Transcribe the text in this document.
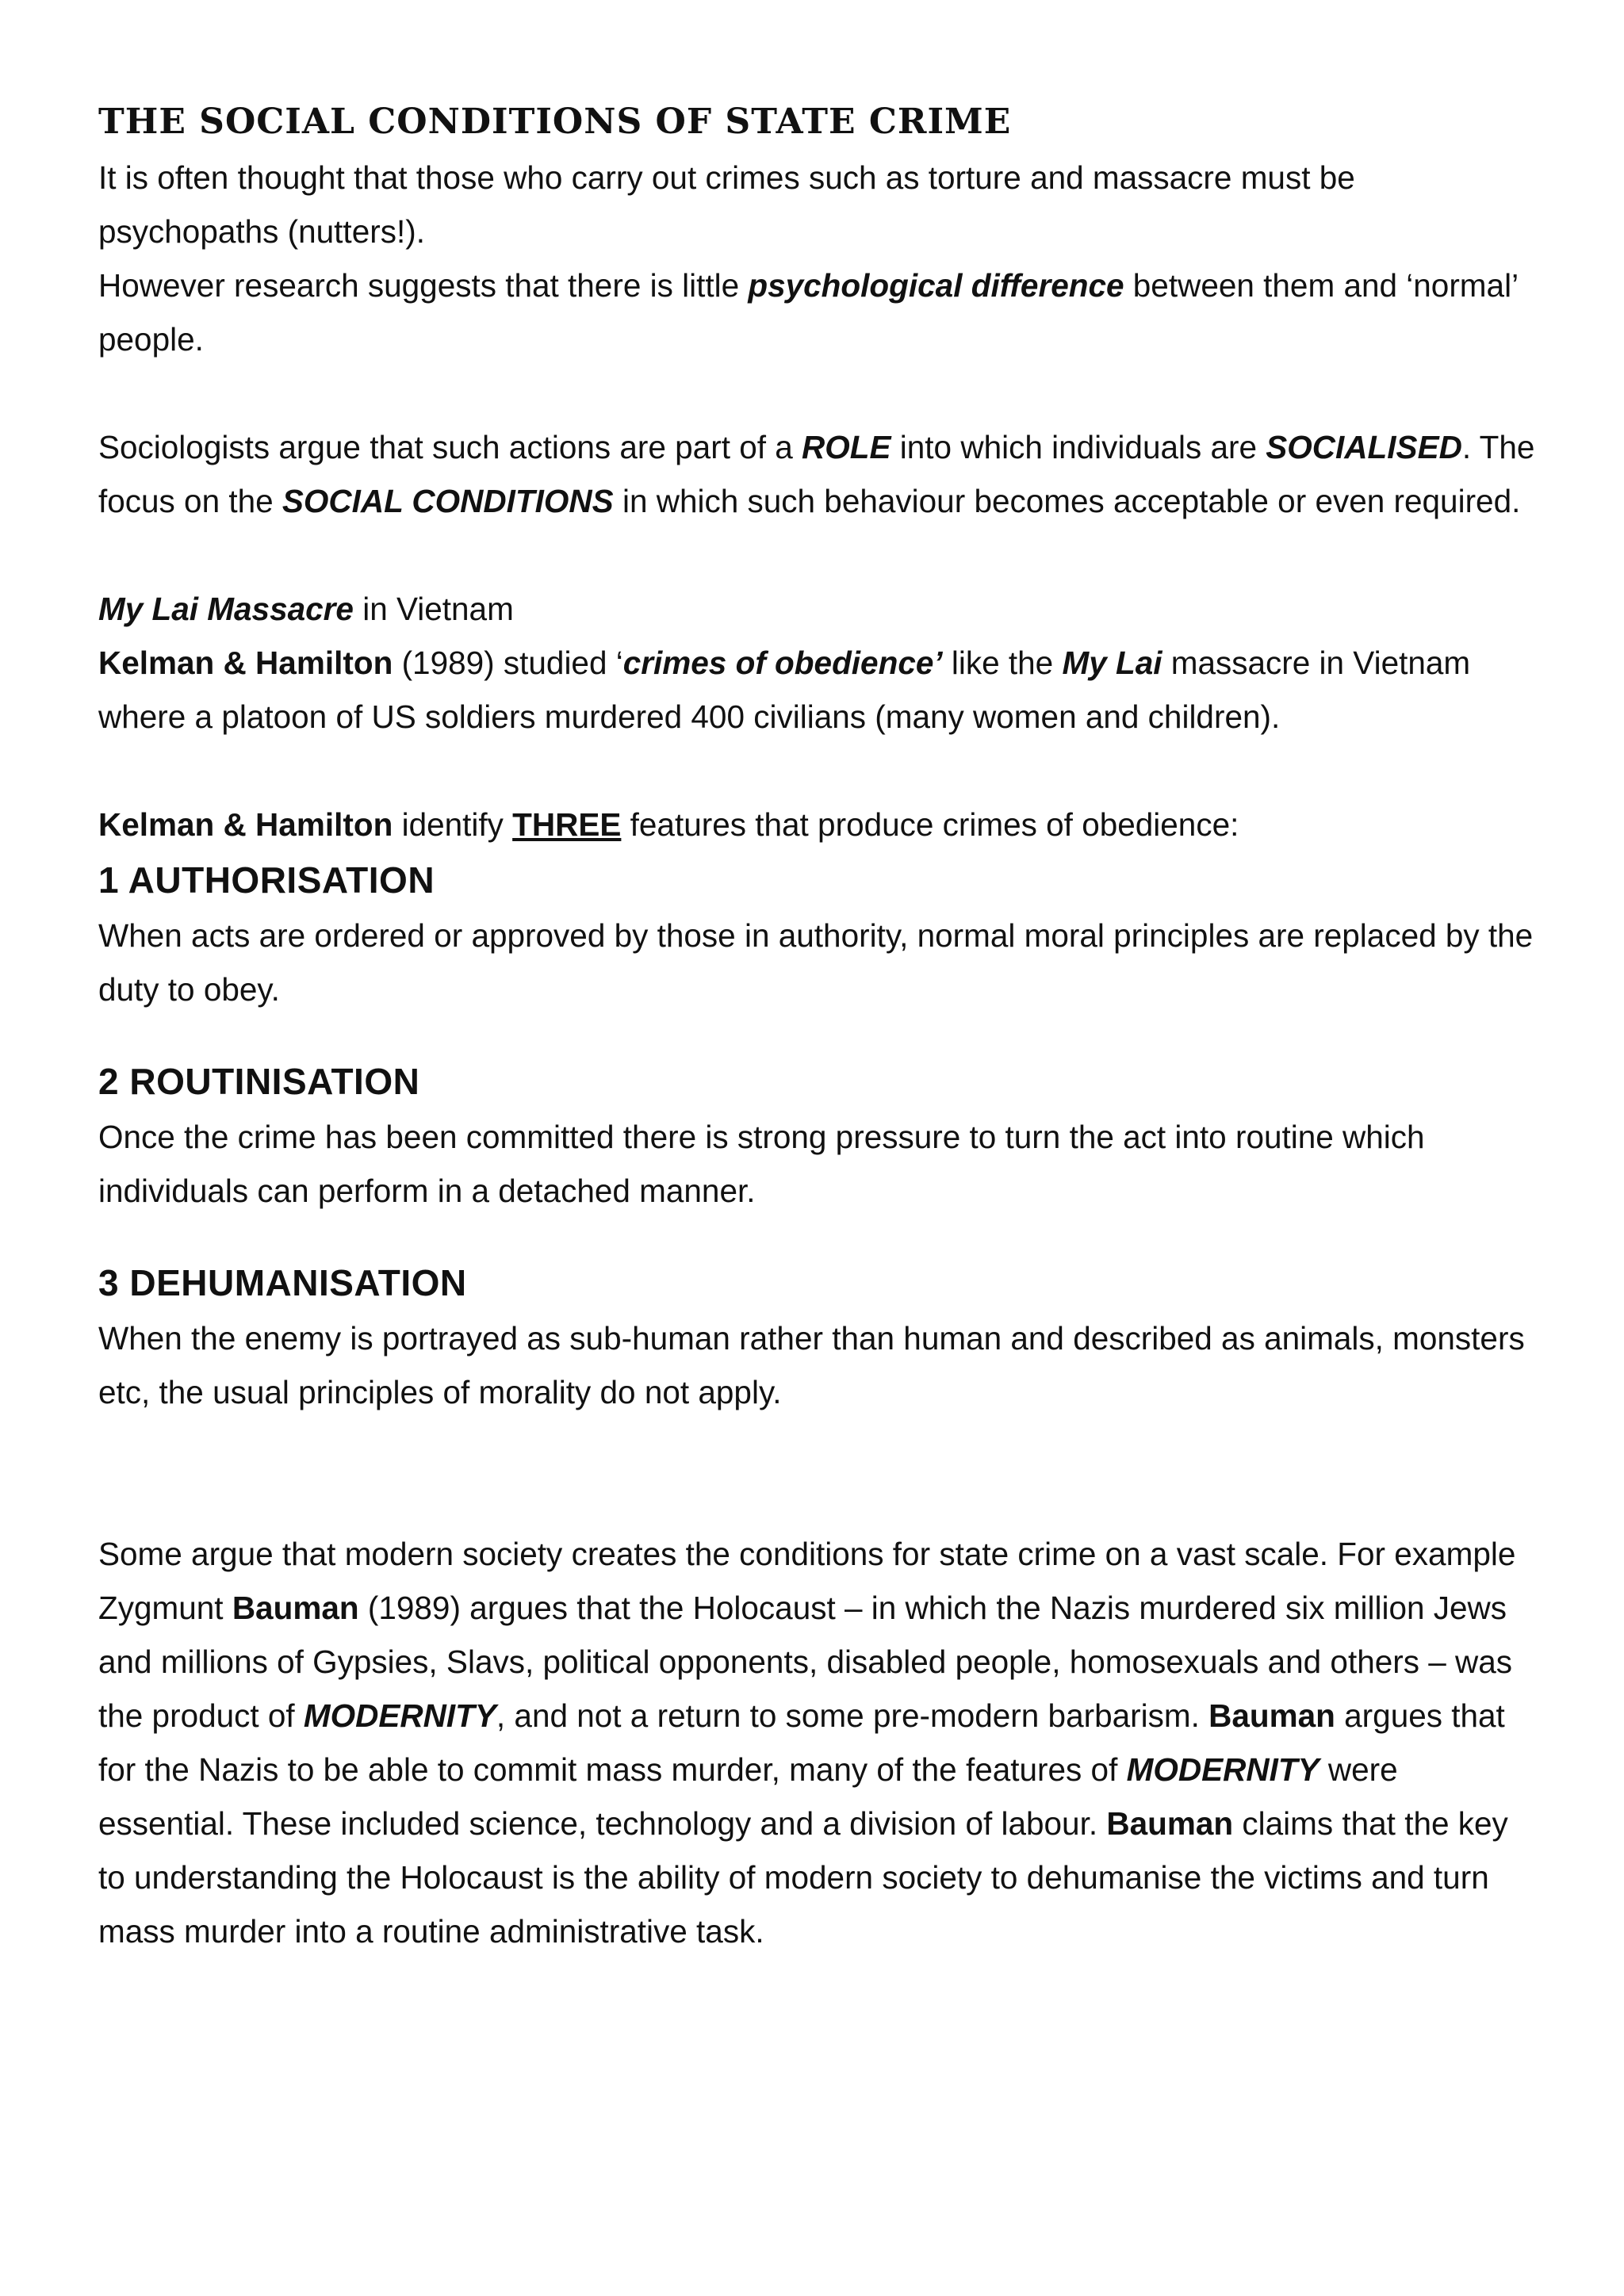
THE SOCIAL CONDITIONS OF STATE CRIME

It is often thought that those who carry out crimes such as torture and massacre must be psychopaths (nutters!).

However research suggests that there is little psychological difference between them and ‘normal’ people.

Sociologists argue that such actions are part of a ROLE into which individuals are SOCIALISED. The focus on the SOCIAL CONDITIONS in which such behaviour becomes acceptable or even required.

My Lai Massacre in Vietnam

Kelman & Hamilton (1989) studied ‘crimes of obedience’ like the My Lai massacre in Vietnam where a platoon of US soldiers murdered 400 civilians (many women and children).

Kelman & Hamilton identify THREE features that produce crimes of obedience:

1 AUTHORISATION

When acts are ordered or approved by those in authority, normal moral principles are replaced by the duty to obey.

2 ROUTINISATION

Once the crime has been committed there is strong pressure to turn the act into routine which individuals can perform in a detached manner.

3 DEHUMANISATION

When the enemy is portrayed as sub-human rather than human and described as animals, monsters etc, the usual principles of morality do not apply.

Some argue that modern society creates the conditions for state crime on a vast scale. For example Zygmunt Bauman (1989) argues that the Holocaust – in which the Nazis murdered six million Jews and millions of Gypsies, Slavs, political opponents, disabled people, homosexuals and others – was the product of MODERNITY, and not a return to some pre-modern barbarism. Bauman argues that for the Nazis to be able to commit mass murder, many of the features of MODERNITY were essential. These included science, technology and a division of labour. Bauman claims that the key to understanding the Holocaust is the ability of modern society to dehumanise the victims and turn mass murder into a routine administrative task.
